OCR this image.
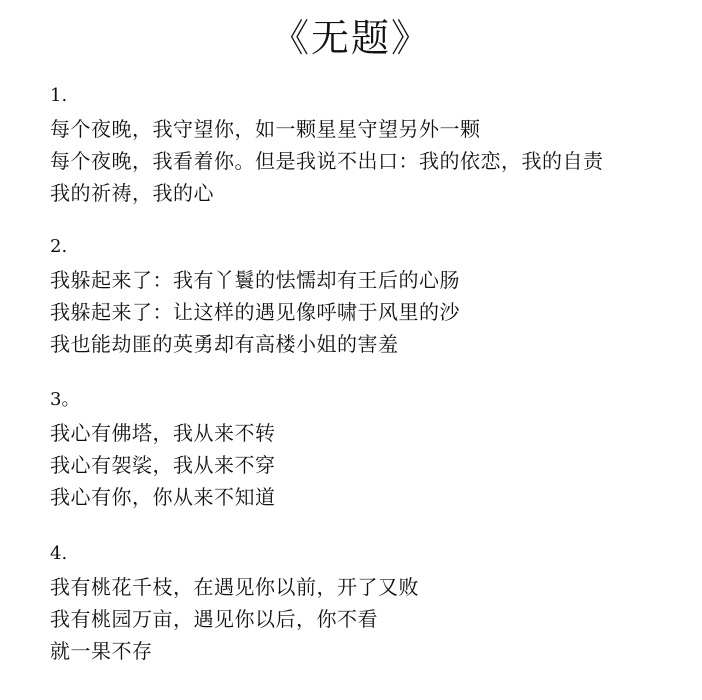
《无题》
1.
每个夜晚，我守望你，如一颗星星守望另外一颗
每个夜晚，我看着你。但是我说不出口：我的依恋，我的自责
我的祈祷，我的心
2.
我躲起来了：我有丫鬟的怯懦却有王后的心肠
我躲起来了：让这样的遇见像呼啸于风里的沙
我也能劫匪的英勇却有高楼小姐的害羞
3。
我心有佛塔，我从来不转
我心有袈裟，我从来不穿
我心有你，你从来不知道
4.
我有桃花千枝，在遇见你以前，开了又败
我有桃园万亩，遇见你以后，你不看
就一果不存
